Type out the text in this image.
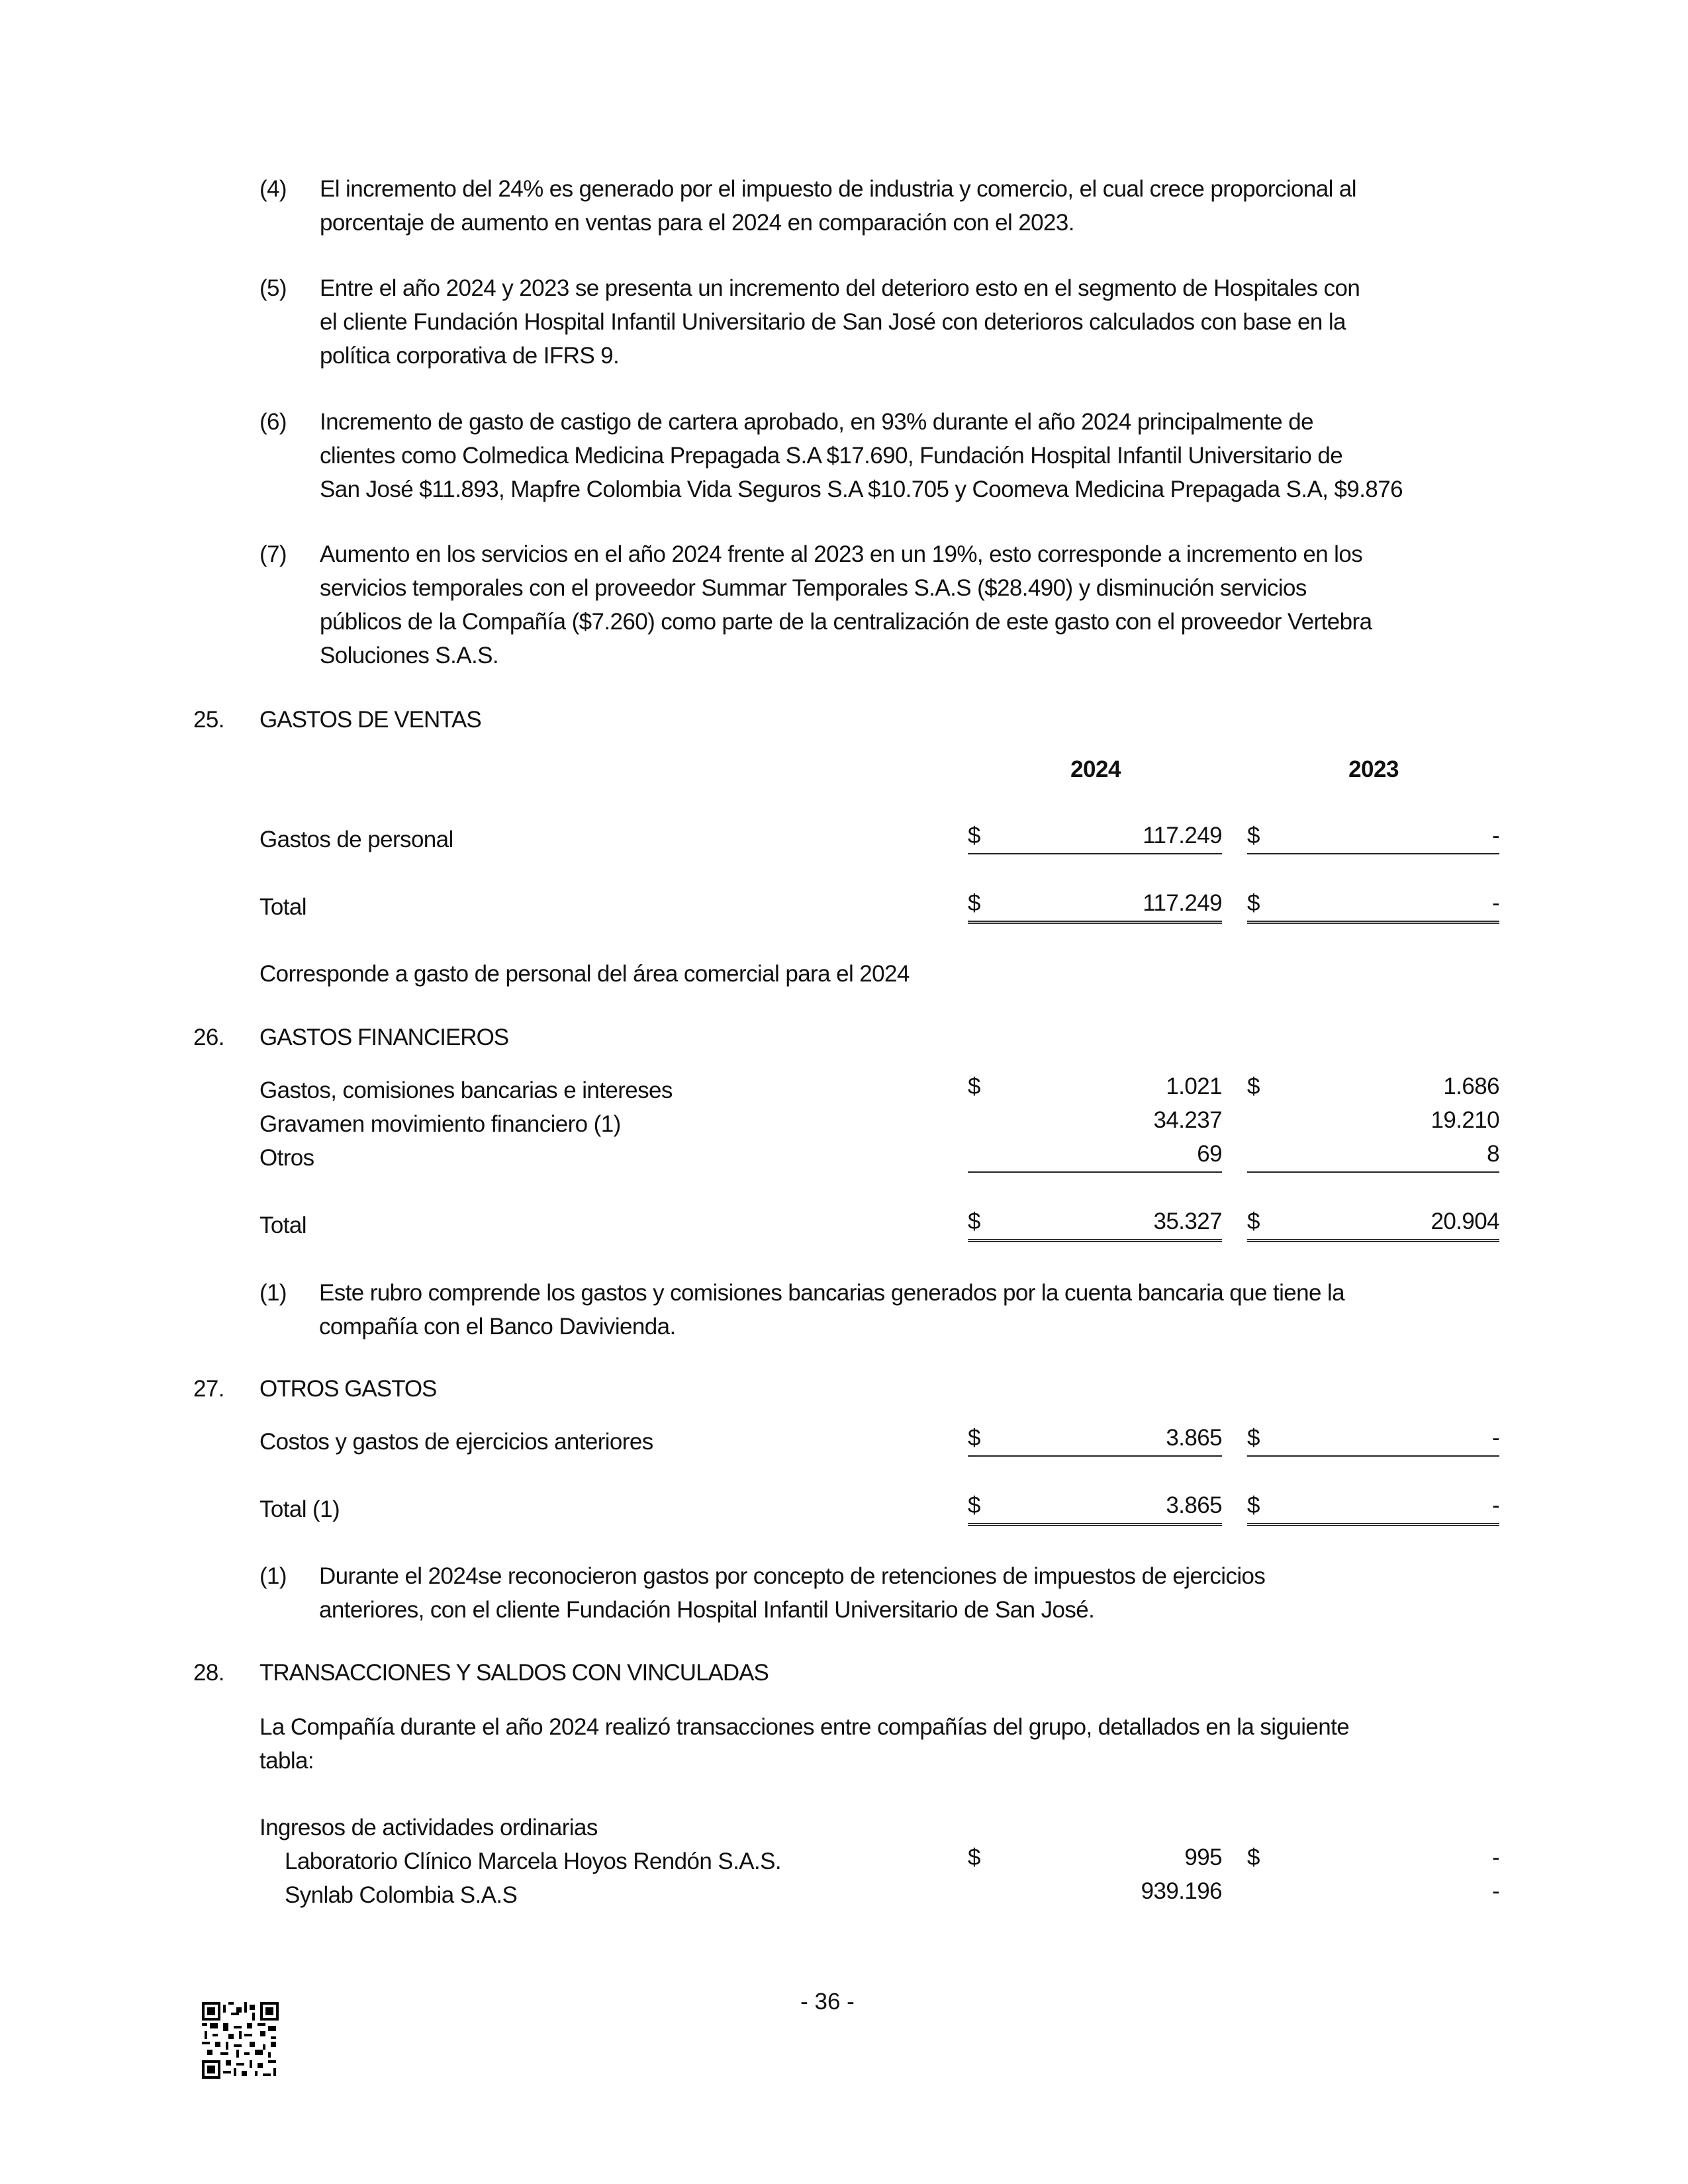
(4)	El incremento del 24% es generado por el impuesto de industria y comercio, el cual crece proporcional al
porcentaje de aumento en ventas para el 2024 en comparación con el 2023.
(5)	Entre el año 2024 y 2023 se presenta un incremento del deterioro esto en el segmento de Hospitales con
el cliente Fundación Hospital Infantil Universitario de San José con deterioros calculados con base en la
política corporativa de IFRS 9.
(6)	Incremento de gasto de castigo de cartera aprobado, en 93% durante el año 2024 principalmente de
clientes como Colmedica Medicina Prepagada S.A $17.690, Fundación Hospital Infantil Universitario de
San José $11.893, Mapfre Colombia Vida Seguros S.A $10.705 y Coomeva Medicina Prepagada S.A, $9.876
(7)	Aumento en los servicios en el año 2024 frente al 2023 en un 19%, esto corresponde a incremento en los
servicios temporales con el proveedor Summar Temporales S.A.S ($28.490) y disminución servicios
públicos de la Compañía ($7.260) como parte de la centralización de este gasto con el proveedor Vertebra
Soluciones S.A.S.
25. GASTOS DE VENTAS
2024	2023
Gastos de personal	$	117.249 $	-
Total	$	117.249 $	-
Corresponde a gasto de personal del área comercial para el 2024
26. GASTOS FINANCIEROS
Gastos, comisiones bancarias e intereses	$	1.021 $	1.686
Gravamen movimiento financiero (1)	34.237	19.210
Otros	69	8
Total	$	35.327 $	20.904
(1) Este rubro comprende los gastos y comisiones bancarias generados por la cuenta bancaria que tiene la
compañía con el Banco Davivienda.
27. OTROS GASTOS
Costos y gastos de ejercicios anteriores	$	3.865 $	-
Total (1)	$	3.865 $	-
(1) Durante el 2024se reconocieron gastos por concepto de retenciones de impuestos de ejercicios
anteriores, con el cliente Fundación Hospital Infantil Universitario de San José.
28. TRANSACCIONES Y SALDOS CON VINCULADAS
La Compañía durante el año 2024 realizó transacciones entre compañías del grupo, detallados en la siguiente
tabla:
Ingresos de actividades ordinarias
Laboratorio Clínico Marcela Hoyos Rendón S.A.S.	$	995 $	-
Synlab Colombia S.A.S	939.196	-
- 36 -
